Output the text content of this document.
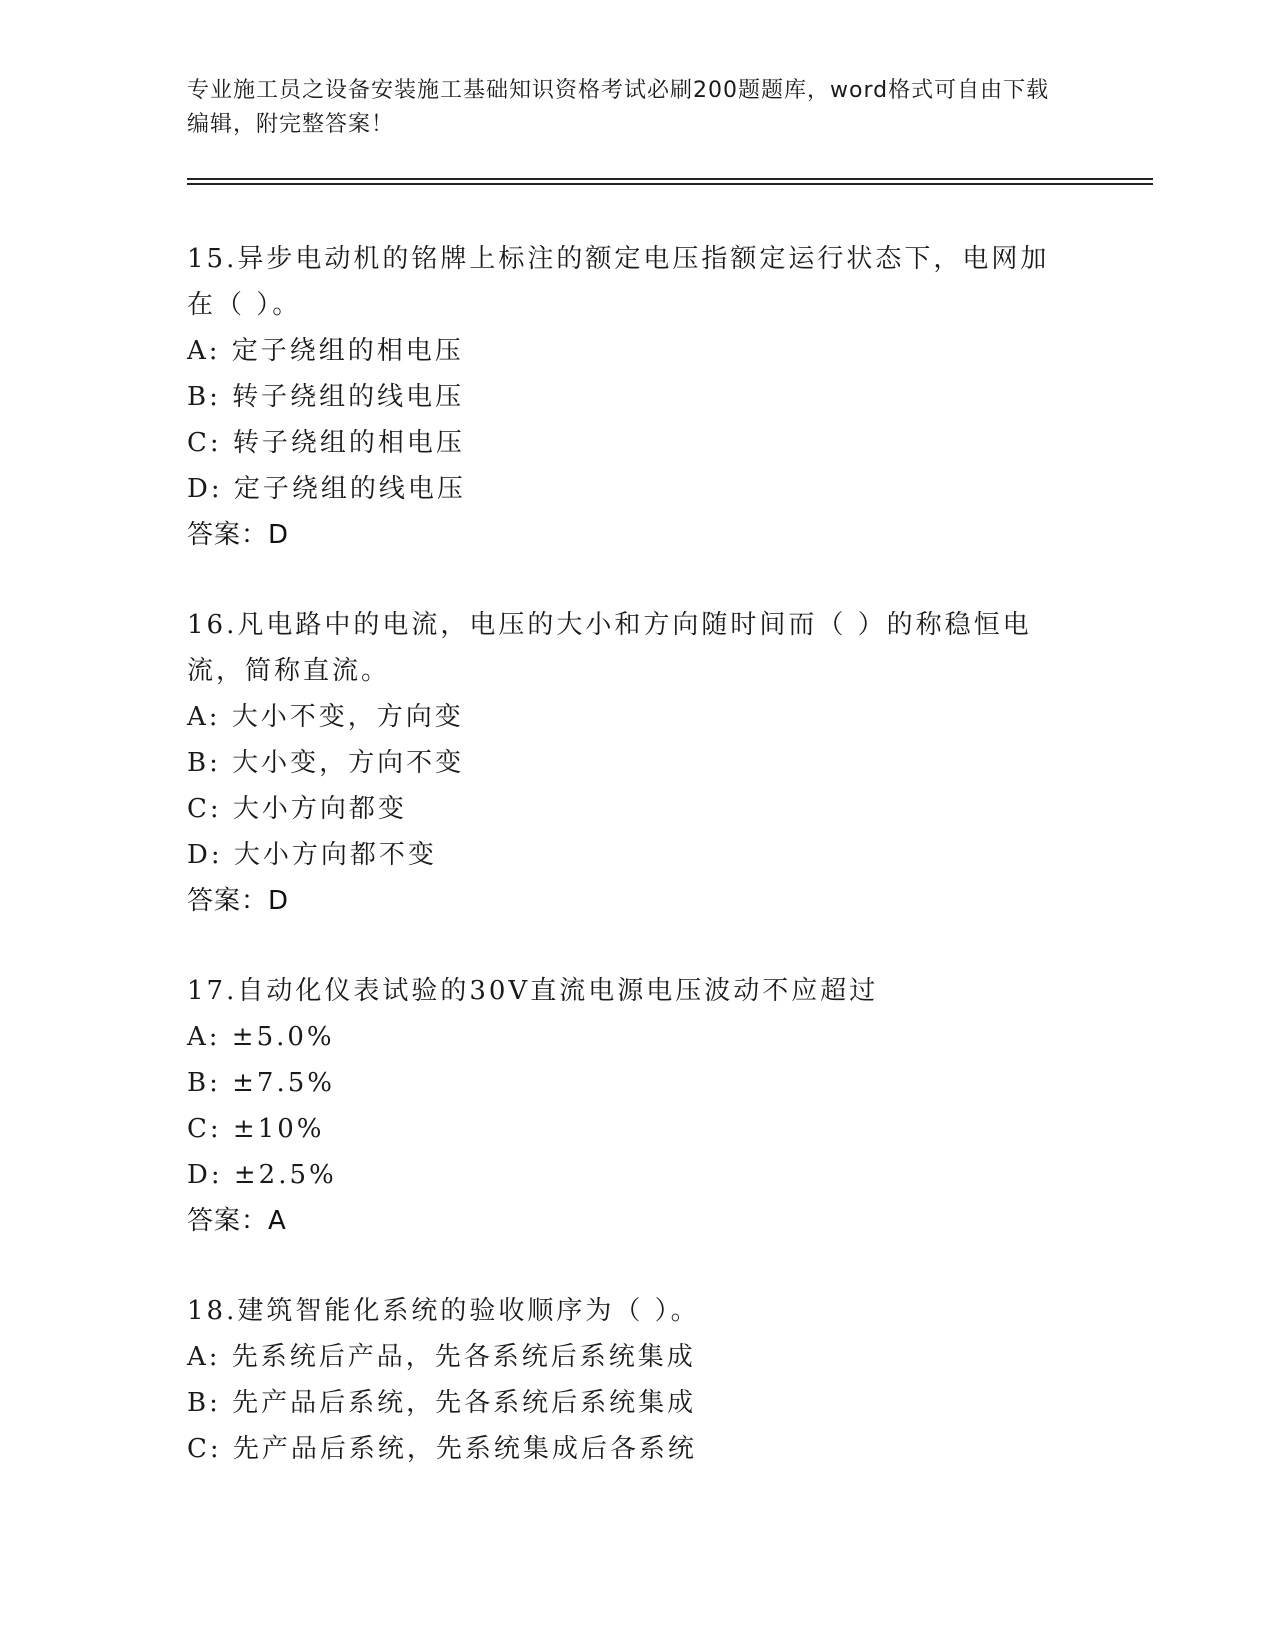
专业施工员之设备安装施工基础知识资格考试必刷200题题库，word格式可自由下载编辑，附完整答案！
15.异步电动机的铭牌上标注的额定电压指额定运行状态下，电网加在（ ）。
A: 定子绕组的相电压
B: 转子绕组的线电压
C: 转子绕组的相电压
D: 定子绕组的线电压
答案：D
16.凡电路中的电流，电压的大小和方向随时间而（ ）的称稳恒电流，简称直流。
A: 大小不变，方向变
B: 大小变，方向不变
C: 大小方向都变
D: 大小方向都不变
答案：D
17.自动化仪表试验的30V直流电源电压波动不应超过
A: ±5.0%
B: ±7.5%
C: ±10%
D: ±2.5%
答案：A
18.建筑智能化系统的验收顺序为（ ）。
A: 先系统后产品，先各系统后系统集成
B: 先产品后系统，先各系统后系统集成
C: 先产品后系统，先系统集成后各系统
